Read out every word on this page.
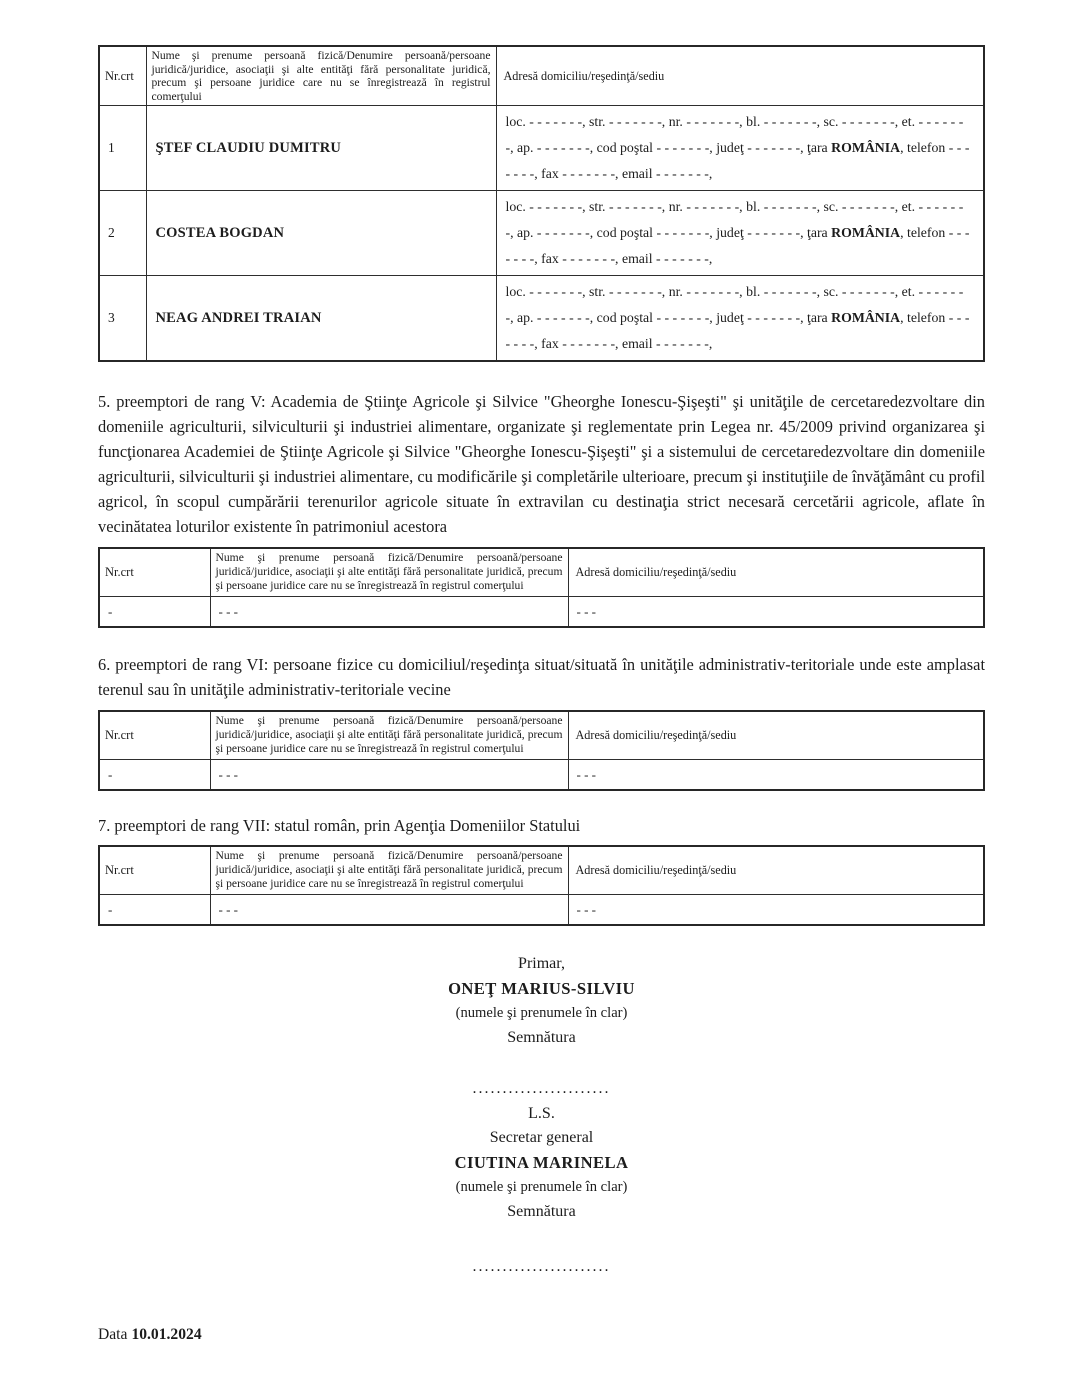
Nr.crt	Nume şi prenume persoană fizică/Denumire persoană/persoane juridică/juridice, asociaţii şi alte entităţi fără personalitate juridică, precum şi persoane juridice care nu se înregistrează în registrul comerţului	Adresă domiciliu/reşedinţă/sediu
1	ŞTEF CLAUDIU DUMITRU	loc. - - - - - - -, str. - - - - - - -, nr. - - - - - - -, bl. - - - - - - -, sc. - - - - - - -, et. - - - - - - -, ap. - - - - - - -, cod poştal - - - - - - -, judeţ - - - - - - -, ţara ROMÂNIA, telefon - - - - - - -, fax - - - - - - -, email - - - - - - -,
2	COSTEA BOGDAN	loc. - - - - - - -, str. - - - - - - -, nr. - - - - - - -, bl. - - - - - - -, sc. - - - - - - -, et. - - - - - - -, ap. - - - - - - -, cod poştal - - - - - - -, judeţ - - - - - - -, ţara ROMÂNIA, telefon - - - - - - -, fax - - - - - - -, email - - - - - - -,
3	NEAG ANDREI TRAIAN	loc. - - - - - - -, str. - - - - - - -, nr. - - - - - - -, bl. - - - - - - -, sc. - - - - - - -, et. - - - - - - -, ap. - - - - - - -, cod poştal - - - - - - -, judeţ - - - - - - -, ţara ROMÂNIA, telefon - - - - - - -, fax - - - - - - -, email - - - - - - -,

5. preemptori de rang V: Academia de Ştiinţe Agricole şi Silvice "Gheorghe Ionescu-Şişeşti" şi unităţile de cercetaredezvoltare din domeniile agriculturii, silviculturii şi industriei alimentare, organizate şi reglementate prin Legea nr. 45/2009 privind organizarea şi funcţionarea Academiei de Ştiinţe Agricole şi Silvice "Gheorghe Ionescu-Şişeşti" şi a sistemului de cercetaredezvoltare din domeniile agriculturii, silviculturii şi industriei alimentare, cu modificările şi completările ulterioare, precum şi instituţiile de învăţământ cu profil agricol, în scopul cumpărării terenurilor agricole situate în extravilan cu destinaţia strict necesară cercetării agricole, aflate în vecinătatea loturilor existente în patrimoniul acestora

Nr.crt	Nume şi prenume persoană fizică/Denumire persoană/persoane juridică/juridice, asociaţii şi alte entităţi fără personalitate juridică, precum şi persoane juridice care nu se înregistrează în registrul comerţului	Adresă domiciliu/reşedinţă/sediu
-	- - -	- - -

6. preemptori de rang VI: persoane fizice cu domiciliul/reşedinţa situat/situată în unităţile administrativ-teritoriale unde este amplasat terenul sau în unităţile administrativ-teritoriale vecine

Nr.crt	Nume şi prenume persoană fizică/Denumire persoană/persoane juridică/juridice, asociaţii şi alte entităţi fără personalitate juridică, precum şi persoane juridice care nu se înregistrează în registrul comerţului	Adresă domiciliu/reşedinţă/sediu
-	- - -	- - -

7. preemptori de rang VII: statul român, prin Agenţia Domeniilor Statului

Nr.crt	Nume şi prenume persoană fizică/Denumire persoană/persoane juridică/juridice, asociaţii şi alte entităţi fără personalitate juridică, precum şi persoane juridice care nu se înregistrează în registrul comerţului	Adresă domiciliu/reşedinţă/sediu
-	- - -	- - -
Primar,
ONEŢ MARIUS-SILVIU
(numele şi prenumele în clar)
Semnătura
.......................
L.S.
Secretar general
CIUTINA MARINELA
(numele şi prenumele în clar)
Semnătura
.......................
Data 10.01.2024
